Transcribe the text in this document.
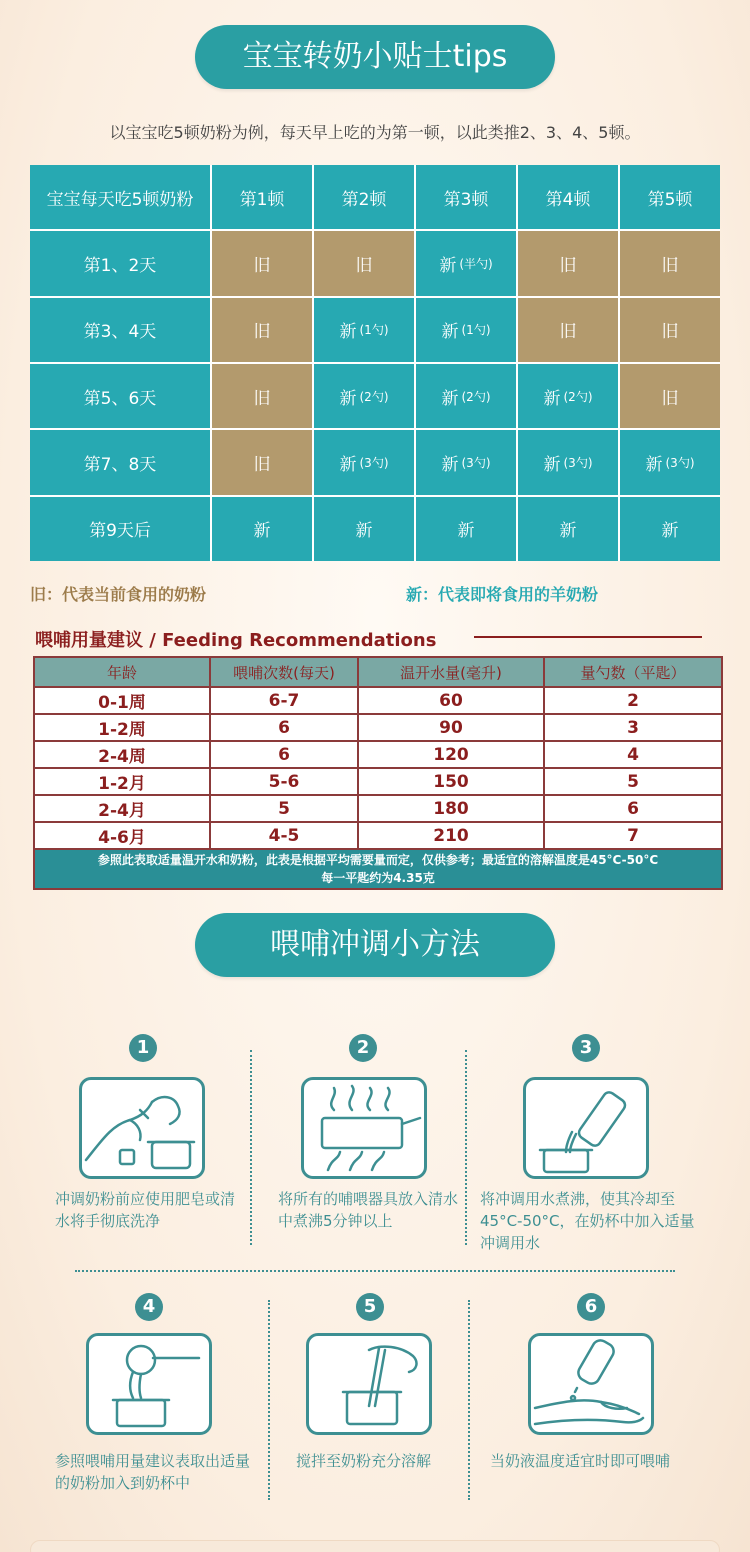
宝宝转奶小贴士tips
以宝宝吃5顿奶粉为例，每天早上吃的为第一顿，以此类推2、3、4、5顿。
宝宝每天吃5顿奶粉	第1顿	第2顿	第3顿	第4顿	第5顿
第1、2天	旧	旧	新 (半勺)	旧	旧
第3、4天	旧	新 (1勺)	新 (1勺)	旧	旧
第5、6天	旧	新 (2勺)	新 (2勺)	新 (2勺)	旧
第7、8天	旧	新 (3勺)	新 (3勺)	新 (3勺)	新 (3勺)
第9天后	新	新	新	新	新
旧：代表当前食用的奶粉	新：代表即将食用的羊奶粉
喂哺用量建议 / Feeding Recommendations
年龄	喂哺次数(每天)	温开水量(毫升)	量勺数（平匙）
0-1周	6-7	60	2
1-2周	6	90	3
2-4周	6	120	4
1-2月	5-6	150	5
2-4月	5	180	6
4-6月	4-5	210	7

参照此表取适量温开水和奶粉，此表是根据平均需要量而定，仅供参考；最适宜的溶解温度是45°C-50°C
每一平匙约为4.35克			
喂哺冲调小方法
1
冲调奶粉前应使用肥皂或清水将手彻底洗净
2
将所有的哺喂器具放入清水中煮沸5分钟以上
3
将冲调用水煮沸，使其冷却至45°C-50°C，在奶杯中加入适量冲调用水
4
参照喂哺用量建议表取出适量的奶粉加入到奶杯中
5
搅拌至奶粉充分溶解
6
当奶液温度适宜时即可喂哺
